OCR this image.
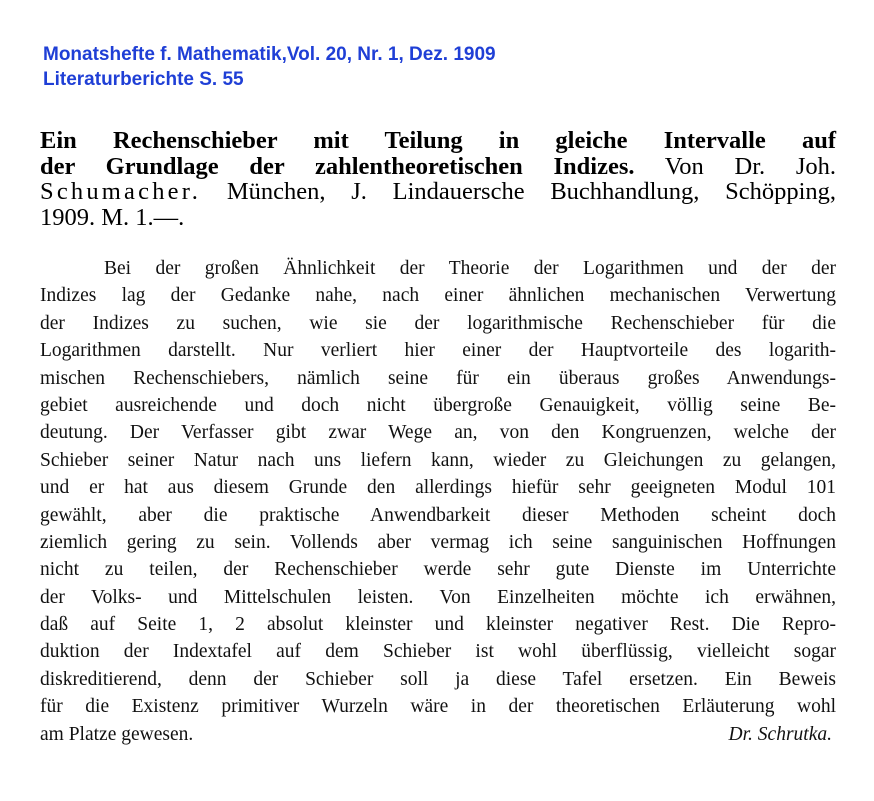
Monatshefte f. Mathematik,Vol. 20, Nr. 1, Dez. 1909
Literaturberichte S. 55
Ein Rechenschieber mit Teilung in gleiche Intervalle auf
der Grundlage der zahlentheoretischen Indizes. Von Dr. Joh.
Schumacher. München, J. Lindauersche Buchhandlung, Schöpping,
1909. M. 1.—.
Bei der großen Ähnlichkeit der Theorie der Logarithmen und der der
Indizes lag der Gedanke nahe, nach einer ähnlichen mechanischen Verwertung
der Indizes zu suchen, wie sie der logarithmische Rechenschieber für die
Logarithmen darstellt. Nur verliert hier einer der Hauptvorteile des logarith-
mischen Rechenschiebers, nämlich seine für ein überaus großes Anwendungs-
gebiet ausreichende und doch nicht übergroße Genauigkeit, völlig seine Be-
deutung. Der Verfasser gibt zwar Wege an, von den Kongruenzen, welche der
Schieber seiner Natur nach uns liefern kann, wieder zu Gleichungen zu gelangen,
und er hat aus diesem Grunde den allerdings hiefür sehr geeigneten Modul 101
gewählt, aber die praktische Anwendbarkeit dieser Methoden scheint doch
ziemlich gering zu sein. Vollends aber vermag ich seine sanguinischen Hoffnungen
nicht zu teilen, der Rechenschieber werde sehr gute Dienste im Unterrichte
der Volks- und Mittelschulen leisten. Von Einzelheiten möchte ich erwähnen,
daß auf Seite 1, 2 absolut kleinster und kleinster negativer Rest. Die Repro-
duktion der Indextafel auf dem Schieber ist wohl überflüssig, vielleicht sogar
diskreditierend, denn der Schieber soll ja diese Tafel ersetzen. Ein Beweis
für die Existenz primitiver Wurzeln wäre in der theoretischen Erläuterung wohl
am Platze gewesen.	Dr. Schrutka.
